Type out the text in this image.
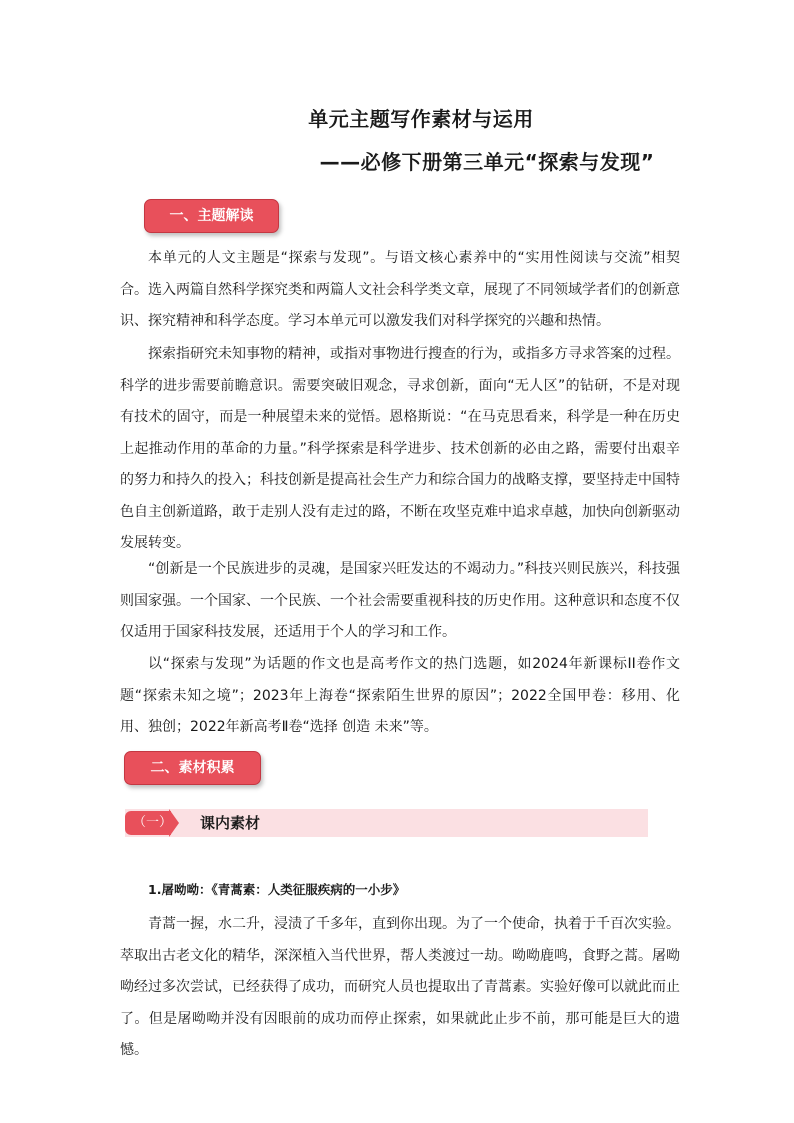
单元主题写作素材与运用
——必修下册第三单元“探索与发现”
一、主题解读

本单元的人文主题是“探索与发现”。与语文核心素养中的“实用性阅读与交流”相契合。选入两篇自然科学探究类和两篇人文社会科学类文章，展现了不同领域学者们的创新意识、探究精神和科学态度。学习本单元可以激发我们对科学探究的兴趣和热情。

探索指研究未知事物的精神，或指对事物进行搜查的行为，或指多方寻求答案的过程。科学的进步需要前瞻意识。需要突破旧观念，寻求创新，面向“无人区”的钻研，不是对现有技术的固守，而是一种展望未来的觉悟。恩格斯说：“在马克思看来，科学是一种在历史上起推动作用的革命的力量。”科学探索是科学进步、技术创新的必由之路，需要付出艰辛的努力和持久的投入；科技创新是提高社会生产力和综合国力的战略支撑，要坚持走中国特色自主创新道路，敢于走别人没有走过的路，不断在攻坚克难中追求卓越，加快向创新驱动发展转变。

“创新是一个民族进步的灵魂，是国家兴旺发达的不竭动力。”科技兴则民族兴，科技强则国家强。一个国家、一个民族、一个社会需要重视科技的历史作用。这种意识和态度不仅仅适用于国家科技发展，还适用于个人的学习和工作。

以“探索与发现”为话题的作文也是高考作文的热门选题，如2024年新课标II卷作文题“探索未知之境”；2023年上海卷“探索陌生世界的原因”；2022全国甲卷：移用、化用、独创；2022年新高考Ⅱ卷“选择 创造 未来”等。

二、素材积累
（一） 课内素材
1.屠呦呦：《青蒿素：人类征服疾病的一小步》

青蒿一握，水二升，浸渍了千多年，直到你出现。为了一个使命，执着于千百次实验。萃取出古老文化的精华，深深植入当代世界，帮人类渡过一劫。呦呦鹿鸣，食野之蒿。屠呦呦经过多次尝试，已经获得了成功，而研究人员也提取出了青蒿素。实验好像可以就此而止了。但是屠呦呦并没有因眼前的成功而停止探索，如果就此止步不前，那可能是巨大的遗憾。
